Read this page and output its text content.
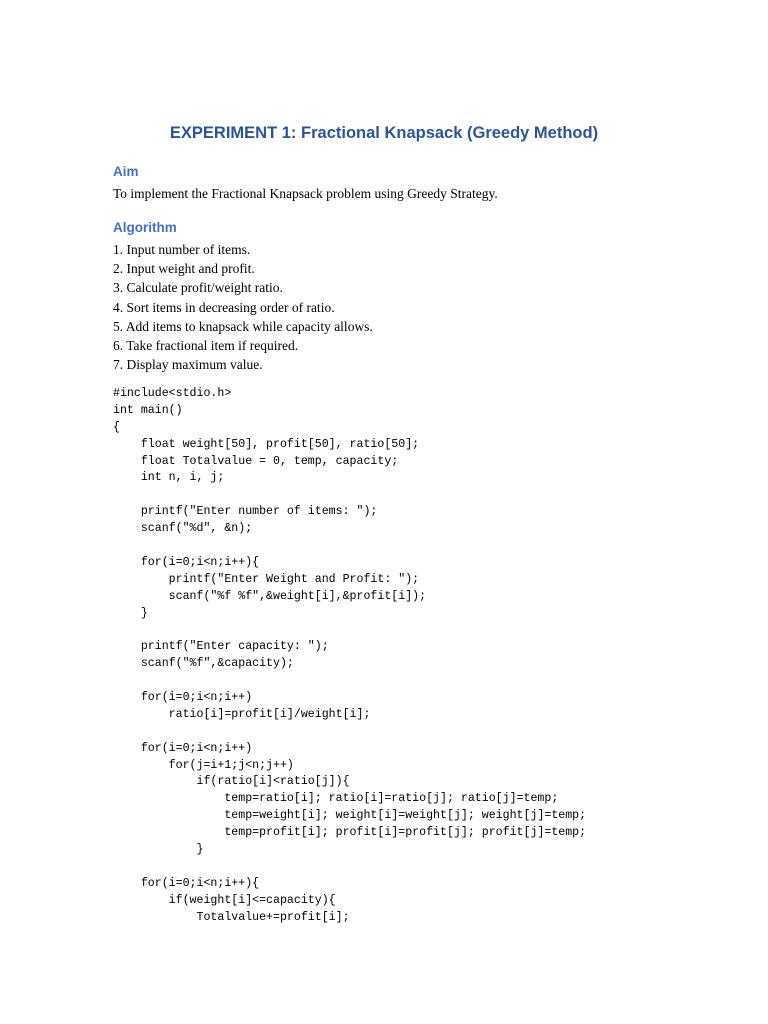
EXPERIMENT 1: Fractional Knapsack (Greedy Method)
Aim

To implement the Fractional Knapsack problem using Greedy Strategy.

Algorithm
1. Input number of items.
2. Input weight and profit.
3. Calculate profit/weight ratio.
4. Sort items in decreasing order of ratio.
5. Add items to knapsack while capacity allows.
6. Take fractional item if required.
7. Display maximum value.
#include<stdio.h>
int main()
{
float weight[50], profit[50], ratio[50];
float Totalvalue = 0, temp, capacity;
int n, i, j;
printf("Enter number of items: ");
scanf("%d", &n);
for(i=0;i<n;i++){
printf("Enter Weight and Profit: ");
scanf("%f %f",&weight[i],&profit[i]);
}
printf("Enter capacity: ");
scanf("%f",&capacity);
for(i=0;i<n;i++)
ratio[i]=profit[i]/weight[i];
for(i=0;i<n;i++)
for(j=i+1;j<n;j++)
if(ratio[i]<ratio[j]){
temp=ratio[i]; ratio[i]=ratio[j]; ratio[j]=temp;
temp=weight[i]; weight[i]=weight[j]; weight[j]=temp;
temp=profit[i]; profit[i]=profit[j]; profit[j]=temp;
}
for(i=0;i<n;i++){
if(weight[i]<=capacity){
Totalvalue+=profit[i];
